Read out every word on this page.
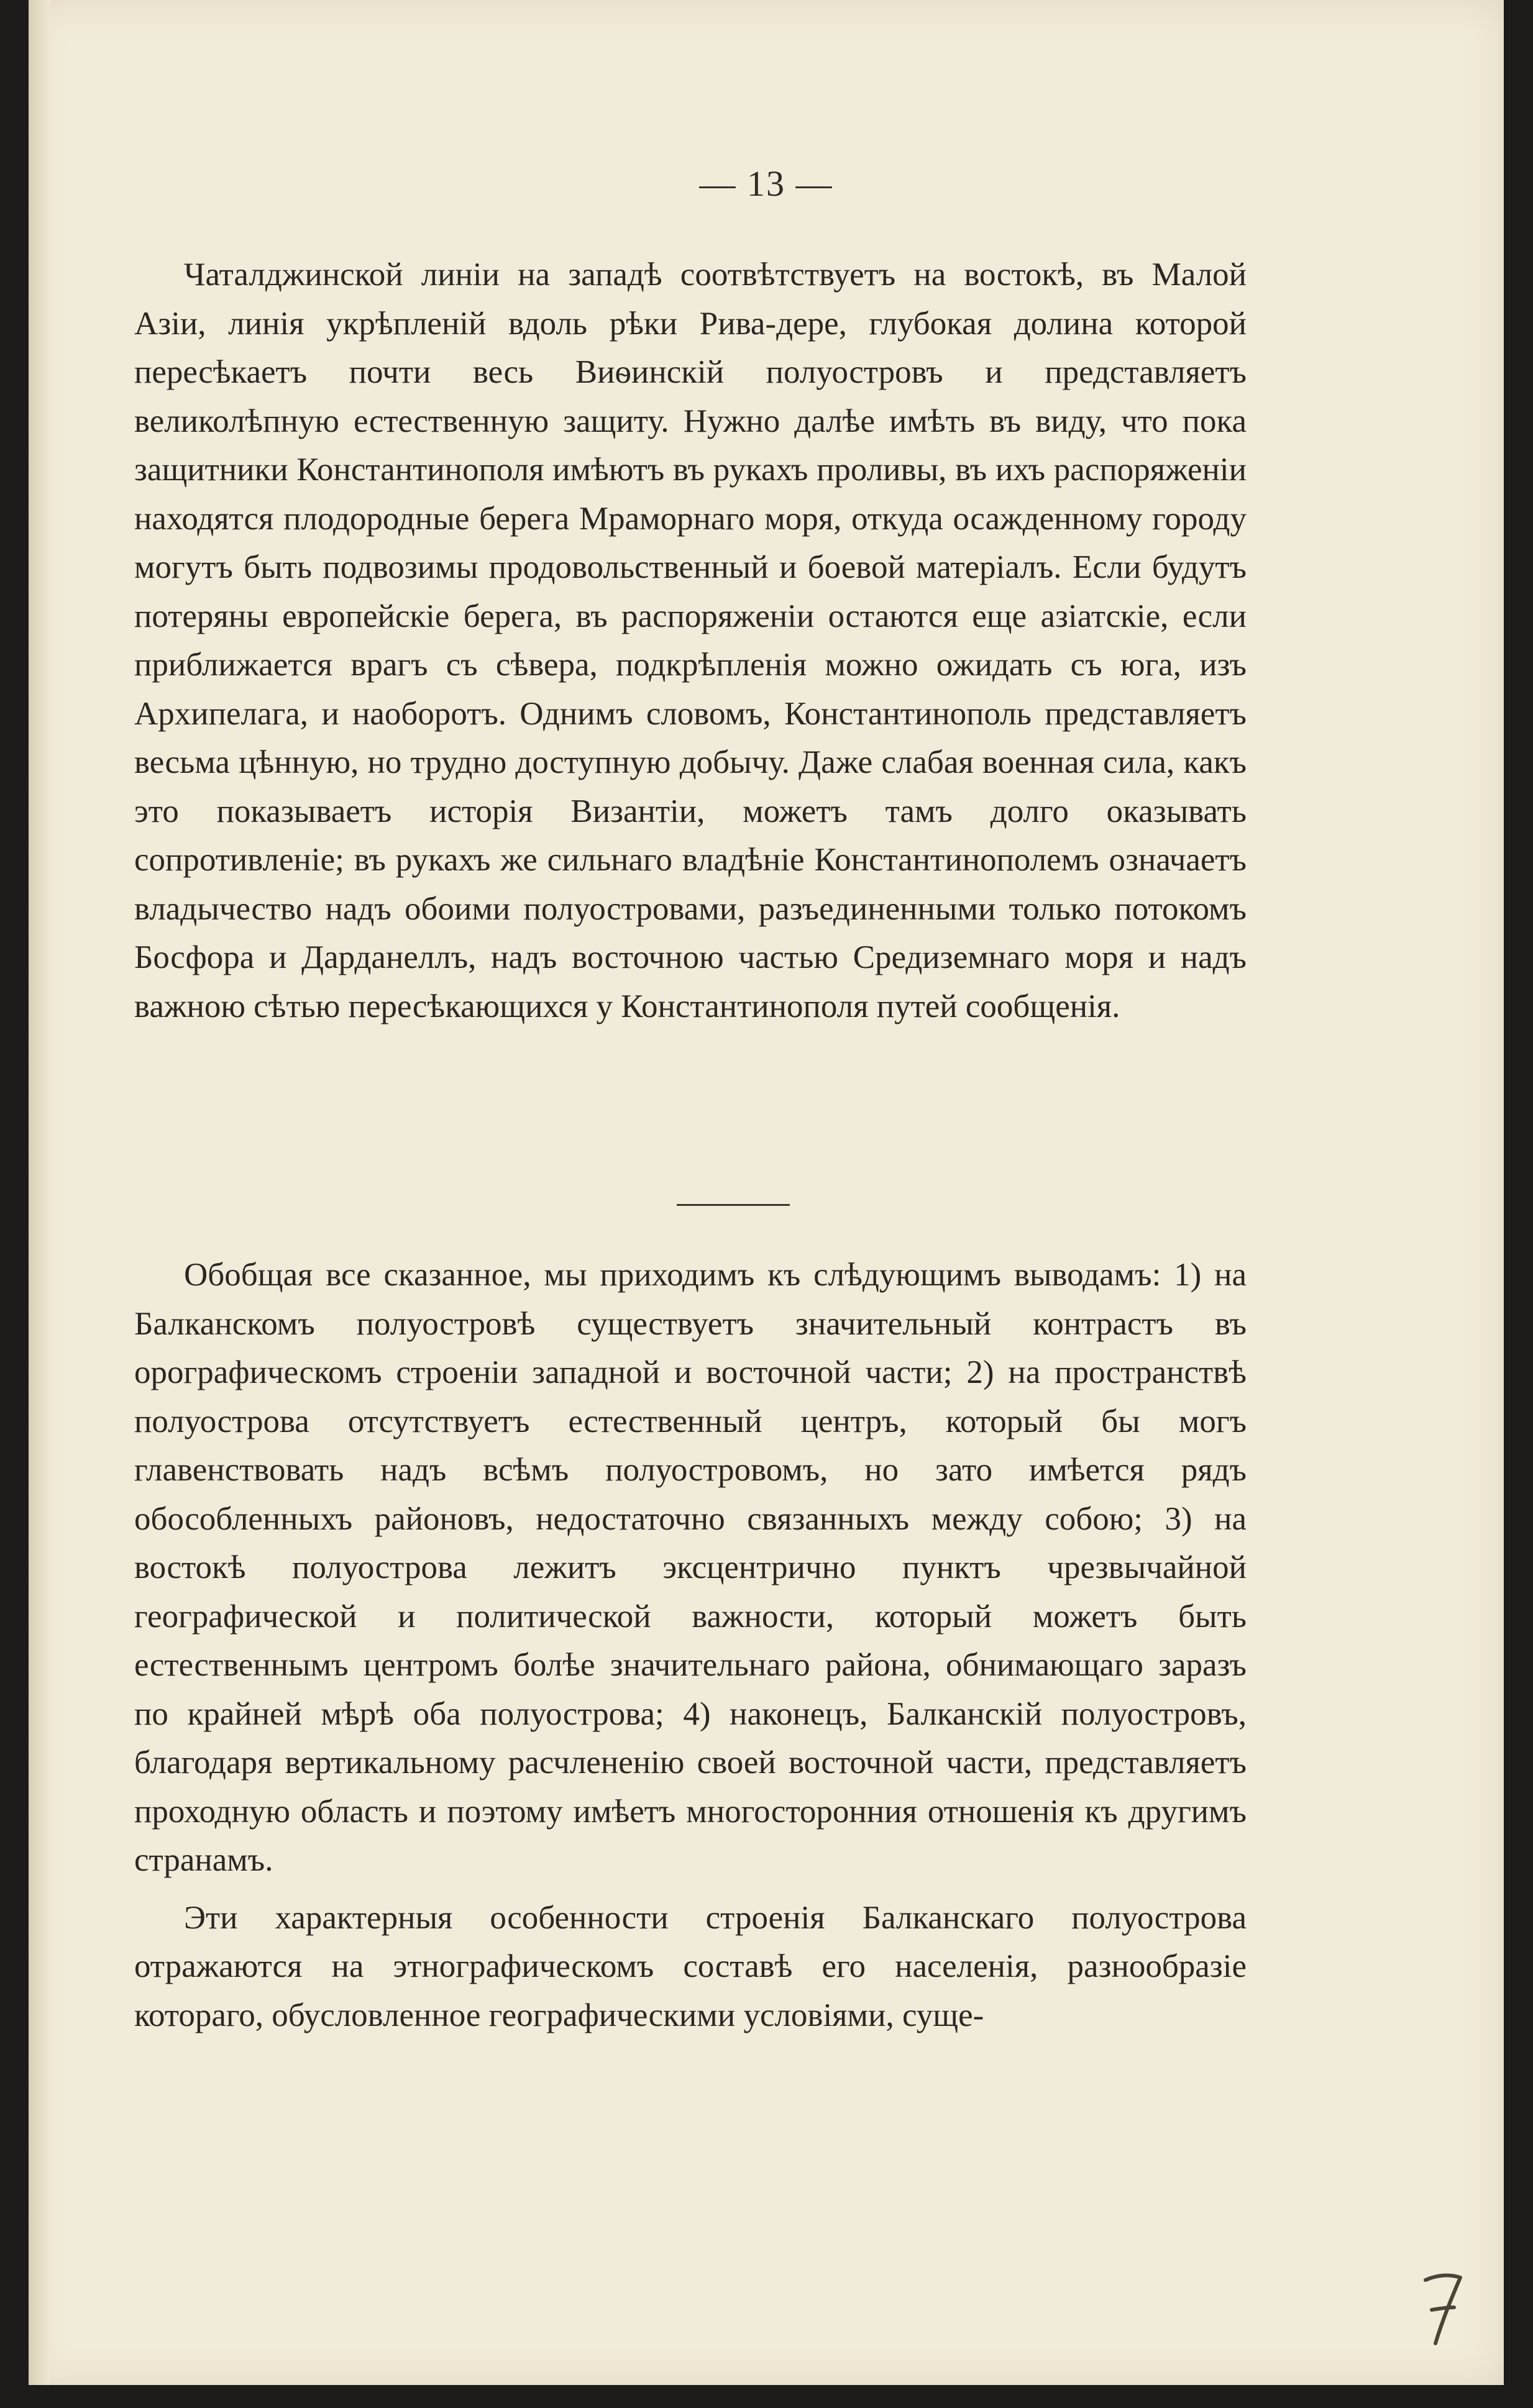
— 13 —

Чаталджинской линіи на западѣ соотвѣтствуетъ на востокѣ, въ Малой Азіи, линія укрѣпленій вдоль рѣки Рива-дере, глубокая долина которой пересѣкаетъ почти весь Виѳинскій полуостровъ и представляетъ великолѣпную естественную защиту. Нужно далѣе имѣть въ виду, что пока защитники Константинополя имѣютъ въ рукахъ проливы, въ ихъ распоряженіи находятся плодородные берега Мраморнаго моря, откуда осажденному городу могутъ быть подвозимы продовольственный и боевой матеріалъ. Если будутъ потеряны европейскіе берега, въ распоряженіи остаются еще азіатскіе, если приближается врагъ съ сѣвера, подкрѣпленія можно ожидать съ юга, изъ Архипелага, и наоборотъ. Однимъ словомъ, Константинополь представляетъ весьма цѣнную, но трудно доступную добычу. Даже слабая военная сила, какъ это показываетъ исторія Византіи, можетъ тамъ долго оказывать сопротивленіе; въ рукахъ же сильнаго владѣніе Константинополемъ означаетъ владычество надъ обоими полуостровами, разъединенными только потокомъ Босфора и Дарданеллъ, надъ восточною частью Средиземнаго моря и надъ важною сѣтью пересѣкающихся у Константинополя путей сообщенія.

Обобщая все сказанное, мы приходимъ къ слѣдующимъ выводамъ: 1) на Балканскомъ полуостровѣ существуетъ значительный контрастъ въ орографическомъ строеніи западной и восточной части; 2) на пространствѣ полуострова отсутствуетъ естественный центръ, который бы могъ главенствовать надъ всѣмъ полуостровомъ, но зато имѣется рядъ обособленныхъ районовъ, недостаточно связанныхъ между собою; 3) на востокѣ полуострова лежитъ эксцентрично пунктъ чрезвычайной географической и политической важности, который можетъ быть естественнымъ центромъ болѣе значительнаго района, обнимающаго заразъ по крайней мѣрѣ оба полуострова; 4) наконецъ, Балканскій полуостровъ, благодаря вертикальному расчлененію своей восточной части, представляетъ проходную область и поэтому имѣетъ многосторонния отношенія къ другимъ странамъ.

Эти характерныя особенности строенія Балканскаго полуострова отражаются на этнографическомъ составѣ его населенія, разнообразіе котораго, обусловленное географическими условіями, суще-
